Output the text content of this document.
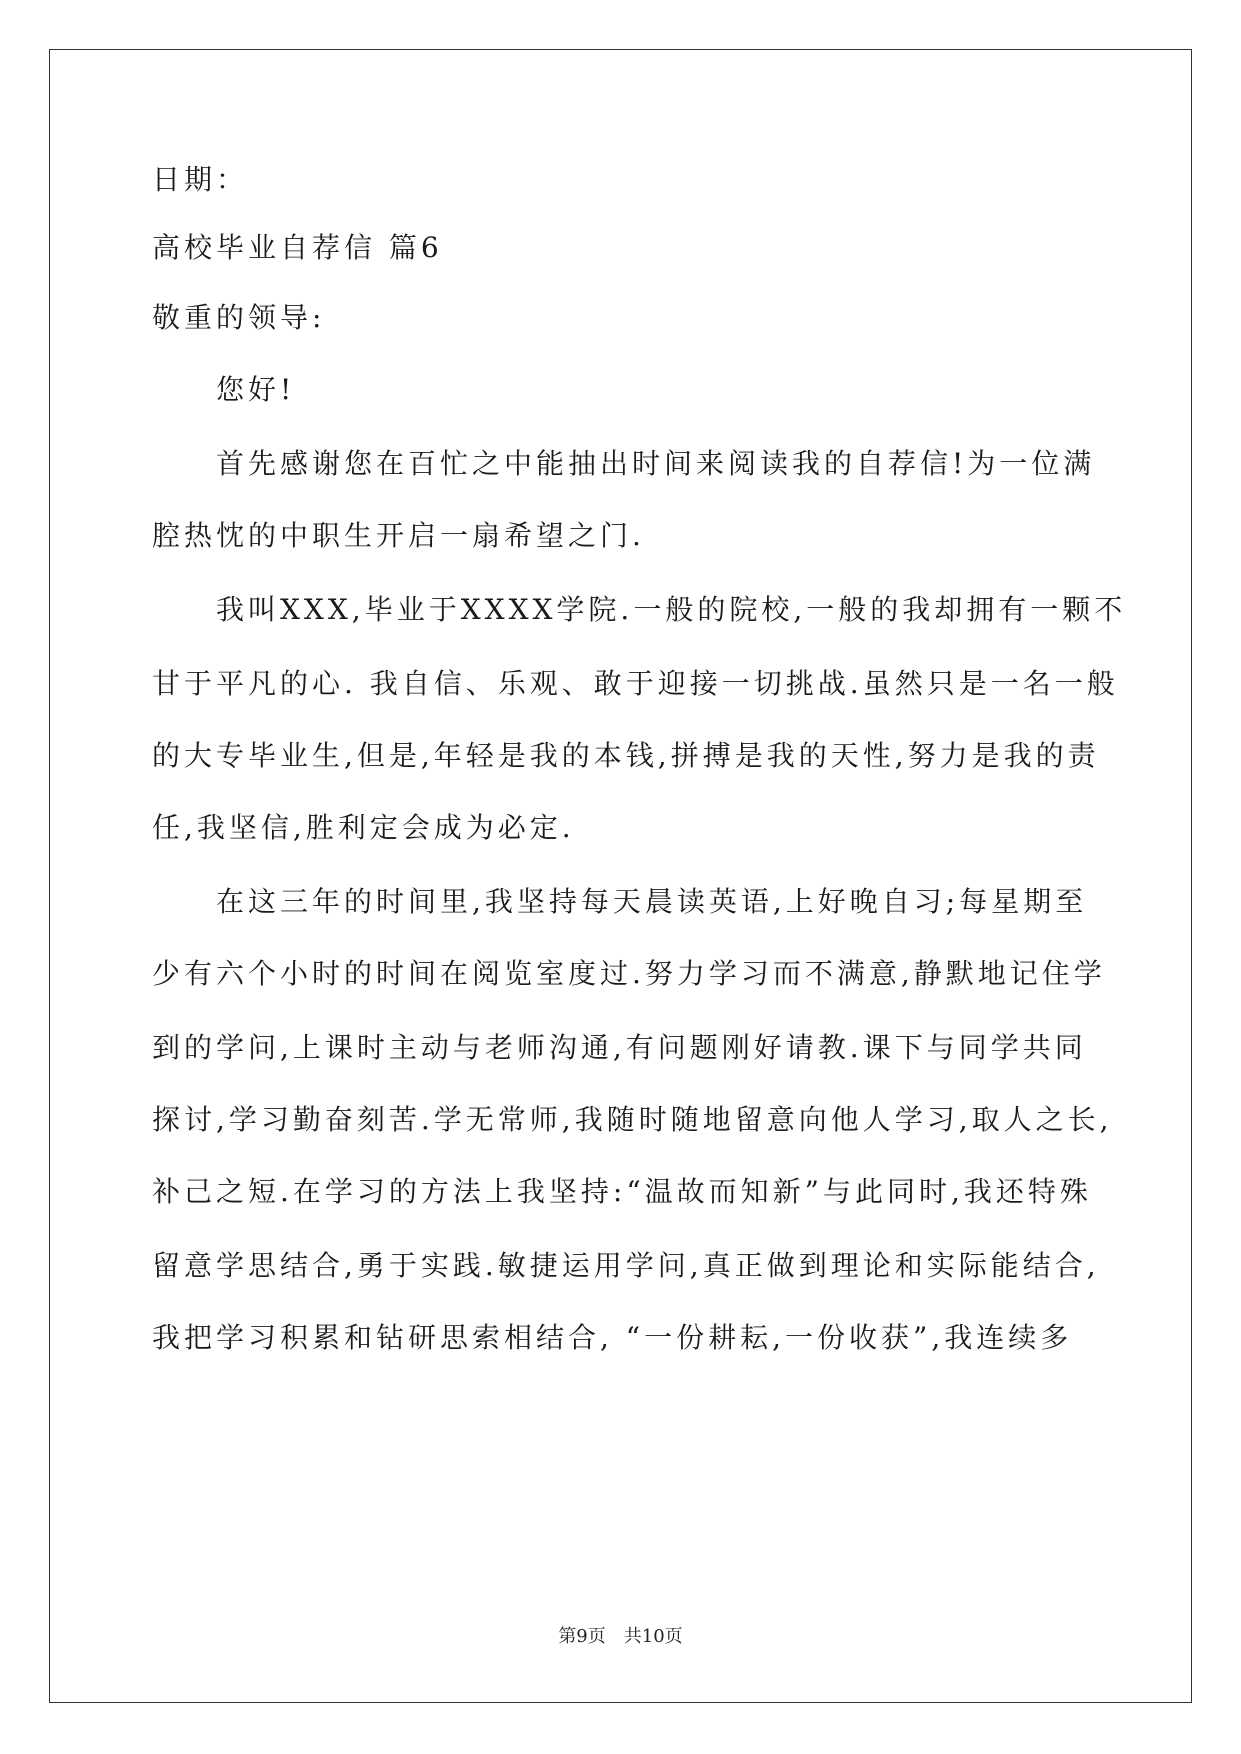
日期：
高校毕业自荐信 篇6
敬重的领导:
您好!
首先感谢您在百忙之中能抽出时间来阅读我的自荐信!为一位满
腔热忱的中职生开启一扇希望之门.
我叫XXX,毕业于XXXX学院.一般的院校,一般的我却拥有一颗不
甘于平凡的心. 我自信、乐观、敢于迎接一切挑战.虽然只是一名一般
的大专毕业生,但是,年轻是我的本钱,拼搏是我的天性,努力是我的责
任,我坚信,胜利定会成为必定.
在这三年的时间里,我坚持每天晨读英语,上好晚自习;每星期至
少有六个小时的时间在阅览室度过.努力学习而不满意,静默地记住学
到的学问,上课时主动与老师沟通,有问题刚好请教.课下与同学共同
探讨,学习勤奋刻苦.学无常师,我随时随地留意向他人学习,取人之长,
补己之短.在学习的方法上我坚持:“温故而知新”与此同时,我还特殊
留意学思结合,勇于实践.敏捷运用学问,真正做到理论和实际能结合,
我把学习积累和钻研思索相结合, “一份耕耘,一份收获”,我连续多
第9页　共10页
